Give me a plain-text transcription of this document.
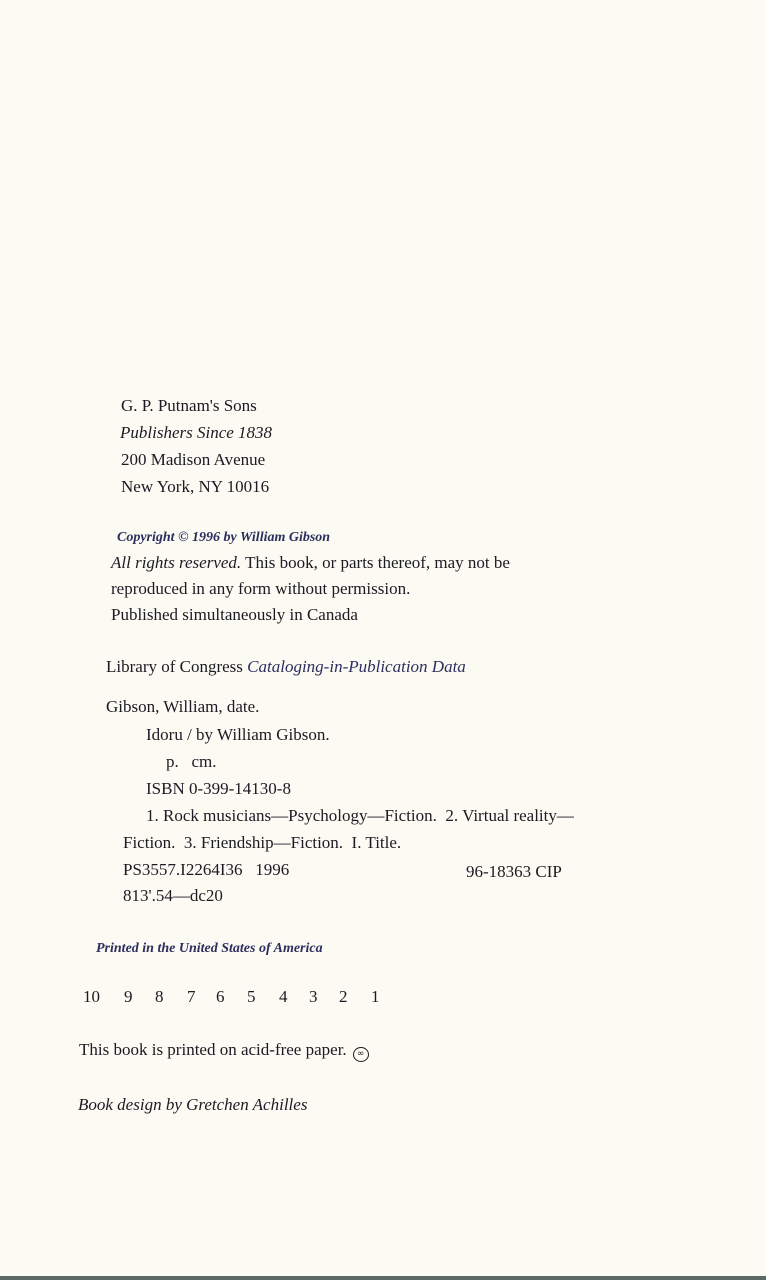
G. P. Putnam's Sons
Publishers Since 1838
200 Madison Avenue
New York, NY 10016
Copyright © 1996 by William Gibson
All rights reserved. This book, or parts thereof, may not be
reproduced in any form without permission.
Published simultaneously in Canada
Library of Congress Cataloging-in-Publication Data
Gibson, William, date.
Idoru / by William Gibson.
p.   cm.
ISBN 0-399-14130-8
1. Rock musicians—Psychology—Fiction.  2. Virtual reality—
Fiction.  3. Friendship—Fiction.  I. Title.
PS3557.I2264I36   1996	96-18363 CIP
813'.54—dc20
Printed in the United States of America
10 9 8 7 6 5 4 3 2 1
This book is printed on acid-free paper. ∞
Book design by Gretchen Achilles
